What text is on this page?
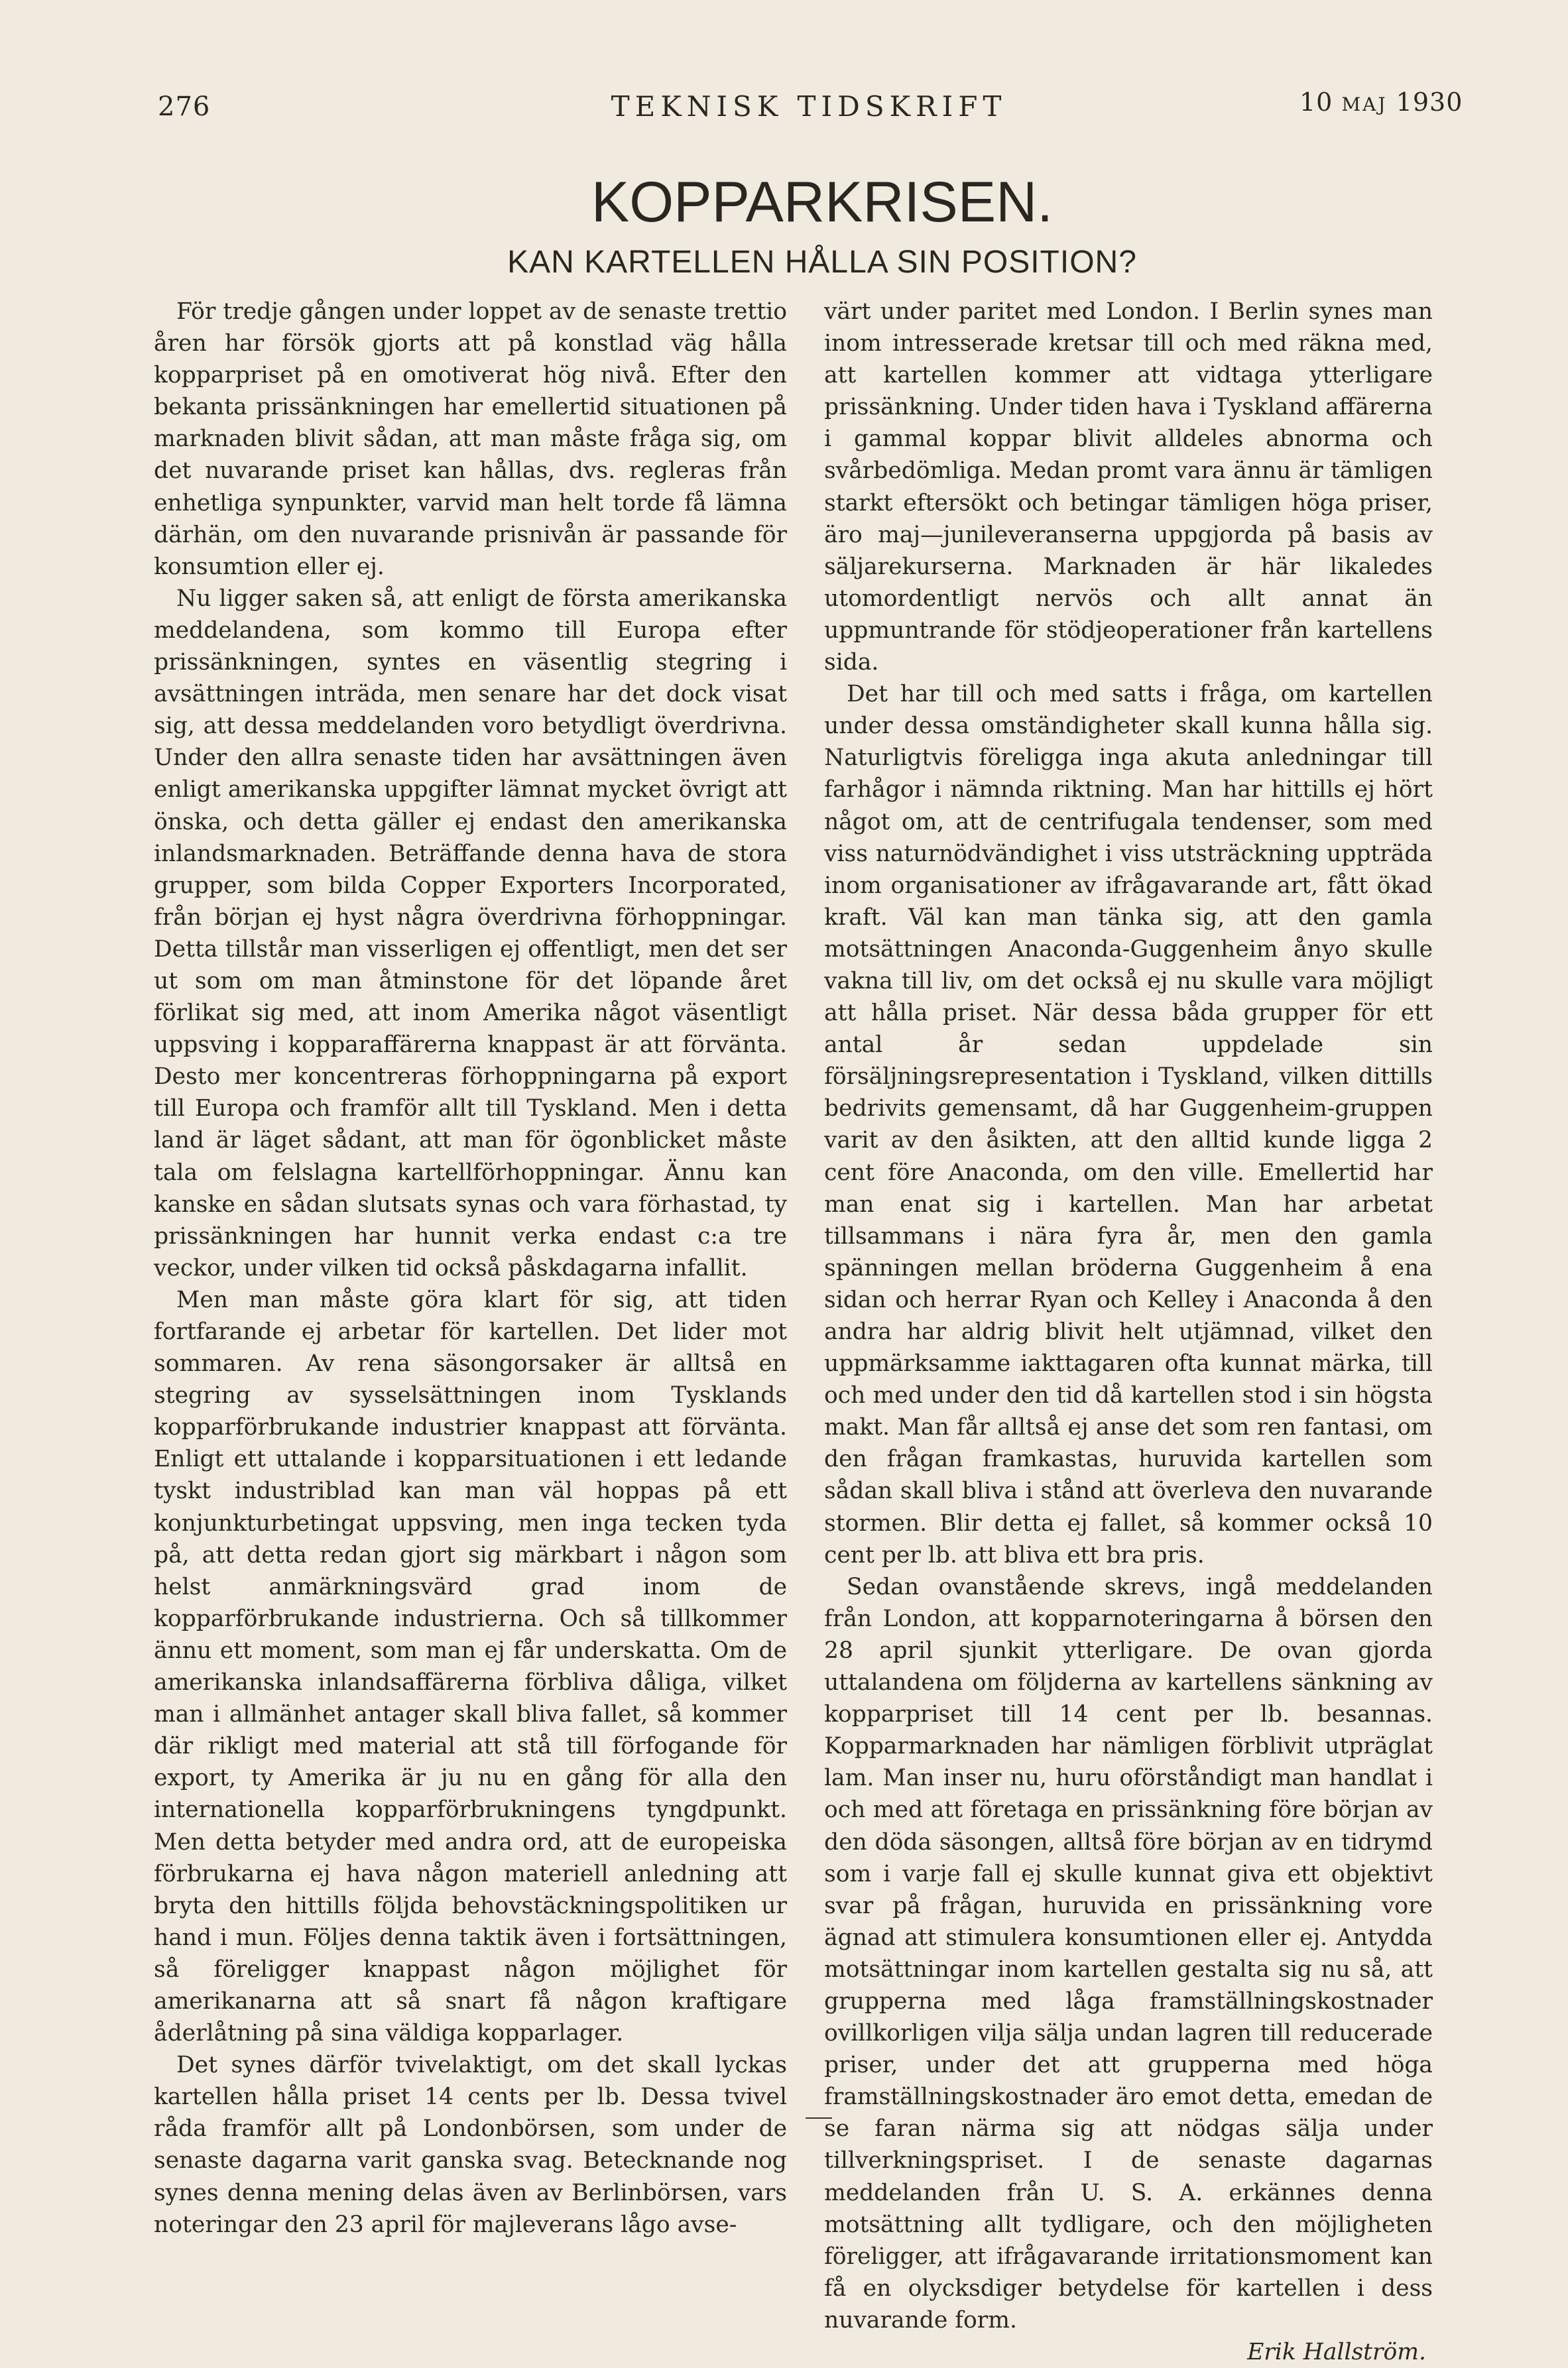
276	TEKNISK TIDSKRIFT	10 MAJ 1930
KOPPARKRISEN.
KAN KARTELLEN HÅLLA SIN POSITION?

För tredje gången under loppet av de senaste trettio åren har försök gjorts att på konstlad väg hålla kopparpriset på en omotiverat hög nivå. Efter den bekanta prissänkningen har emellertid situationen på marknaden blivit sådan, att man måste fråga sig, om det nuvarande priset kan hållas, dvs. regleras från enhetliga synpunkter, varvid man helt torde få lämna därhän, om den nuvarande prisnivån är passande för konsumtion eller ej.

Nu ligger saken så, att enligt de första amerikanska meddelandena, som kommo till Europa efter prissänkningen, syntes en väsentlig stegring i avsättningen inträda, men senare har det dock visat sig, att dessa meddelanden voro betydligt överdrivna. Under den allra senaste tiden har avsättningen även enligt amerikanska uppgifter lämnat mycket övrigt att önska, och detta gäller ej endast den amerikanska inlandsmarknaden. Beträffande denna hava de stora grupper, som bilda Copper Exporters Incorporated, från början ej hyst några överdrivna förhoppningar. Detta tillstår man visserligen ej offentligt, men det ser ut som om man åtminstone för det löpande året förlikat sig med, att inom Amerika något väsentligt uppsving i kopparaffärerna knappast är att förvänta. Desto mer koncentreras förhoppningarna på export till Europa och framför allt till Tyskland. Men i detta land är läget sådant, att man för ögonblicket måste tala om felslagna kartellförhoppningar. Ännu kan kanske en sådan slutsats synas och vara förhastad, ty prissänkningen har hunnit verka endast c:a tre veckor, under vilken tid också påskdagarna infallit.

Men man måste göra klart för sig, att tiden fortfarande ej arbetar för kartellen. Det lider mot sommaren. Av rena säsongorsaker är alltså en stegring av sysselsättningen inom Tysklands kopparförbrukande industrier knappast att förvänta. Enligt ett uttalande i kopparsituationen i ett ledande tyskt industriblad kan man väl hoppas på ett konjunkturbetingat uppsving, men inga tecken tyda på, att detta redan gjort sig märkbart i någon som helst anmärkningsvärd grad inom de kopparförbrukande industrierna. Och så tillkommer ännu ett moment, som man ej får underskatta. Om de amerikanska inlandsaffärerna förbliva dåliga, vilket man i allmänhet antager skall bliva fallet, så kommer där rikligt med material att stå till förfogande för export, ty Amerika är ju nu en gång för alla den internationella kopparförbrukningens tyngdpunkt. Men detta betyder med andra ord, att de europeiska förbrukarna ej hava någon materiell anledning att bryta den hittills följda behovstäckningspolitiken ur hand i mun. Följes denna taktik även i fortsättningen, så föreligger knappast någon möjlighet för amerikanarna att så snart få någon kraftigare åderlåtning på sina väldiga kopparlager.

Det synes därför tvivelaktigt, om det skall lyckas kartellen hålla priset 14 cents per lb. Dessa tvivel råda framför allt på Londonbörsen, som under de senaste dagarna varit ganska svag. Betecknande nog synes denna mening delas även av Berlinbörsen, vars noteringar den 23 april för majleverans lågo avse-

värt under paritet med London. I Berlin synes man inom intresserade kretsar till och med räkna med, att kartellen kommer att vidtaga ytterligare prissänkning. Under tiden hava i Tyskland affärerna i gammal koppar blivit alldeles abnorma och svårbedömliga. Medan promt vara ännu är tämligen starkt eftersökt och betingar tämligen höga priser, äro maj—junileveranserna uppgjorda på basis av säljarekurserna. Marknaden är här likaledes utomordentligt nervös och allt annat än uppmuntrande för stödjeoperationer från kartellens sida.

Det har till och med satts i fråga, om kartellen under dessa omständigheter skall kunna hålla sig. Naturligtvis föreligga inga akuta anledningar till farhågor i nämnda riktning. Man har hittills ej hört något om, att de centrifugala tendenser, som med viss naturnödvändighet i viss utsträckning uppträda inom organisationer av ifrågavarande art, fått ökad kraft. Väl kan man tänka sig, att den gamla motsättningen Anaconda-Guggenheim ånyo skulle vakna till liv, om det också ej nu skulle vara möjligt att hålla priset. När dessa båda grupper för ett antal år sedan uppdelade sin försäljningsrepresentation i Tyskland, vilken dittills bedrivits gemensamt, då har Guggenheim-gruppen varit av den åsikten, att den alltid kunde ligga 2 cent före Anaconda, om den ville. Emellertid har man enat sig i kartellen. Man har arbetat tillsammans i nära fyra år, men den gamla spänningen mellan bröderna Guggenheim å ena sidan och herrar Ryan och Kelley i Anaconda å den andra har aldrig blivit helt utjämnad, vilket den uppmärksamme iakttagaren ofta kunnat märka, till och med under den tid då kartellen stod i sin högsta makt. Man får alltså ej anse det som ren fantasi, om den frågan framkastas, huruvida kartellen som sådan skall bliva i stånd att överleva den nuvarande stormen. Blir detta ej fallet, så kommer också 10 cent per lb. att bliva ett bra pris.

Sedan ovanstående skrevs, ingå meddelanden från London, att kopparnoteringarna å börsen den 28 april sjunkit ytterligare. De ovan gjorda uttalandena om följderna av kartellens sänkning av kopparpriset till 14 cent per lb. besannas. Kopparmarknaden har nämligen förblivit utpräglat lam. Man inser nu, huru oförståndigt man handlat i och med att företaga en prissänkning före början av den döda säsongen, alltså före början av en tidrymd som i varje fall ej skulle kunnat giva ett objektivt svar på frågan, huruvida en prissänkning vore ägnad att stimulera konsumtionen eller ej. Antydda motsättningar inom kartellen gestalta sig nu så, att grupperna med låga framställningskostnader ovillkorligen vilja sälja undan lagren till reducerade priser, under det att grupperna med höga framställningskostnader äro emot detta, emedan de se faran närma sig att nödgas sälja under tillverkningspriset. I de senaste dagarnas meddelanden från U. S. A. erkännes denna motsättning allt tydligare, och den möjligheten föreligger, att ifrågavarande irritationsmoment kan få en olycksdiger betydelse för kartellen i dess nuvarande form.

Erik Hallström.
